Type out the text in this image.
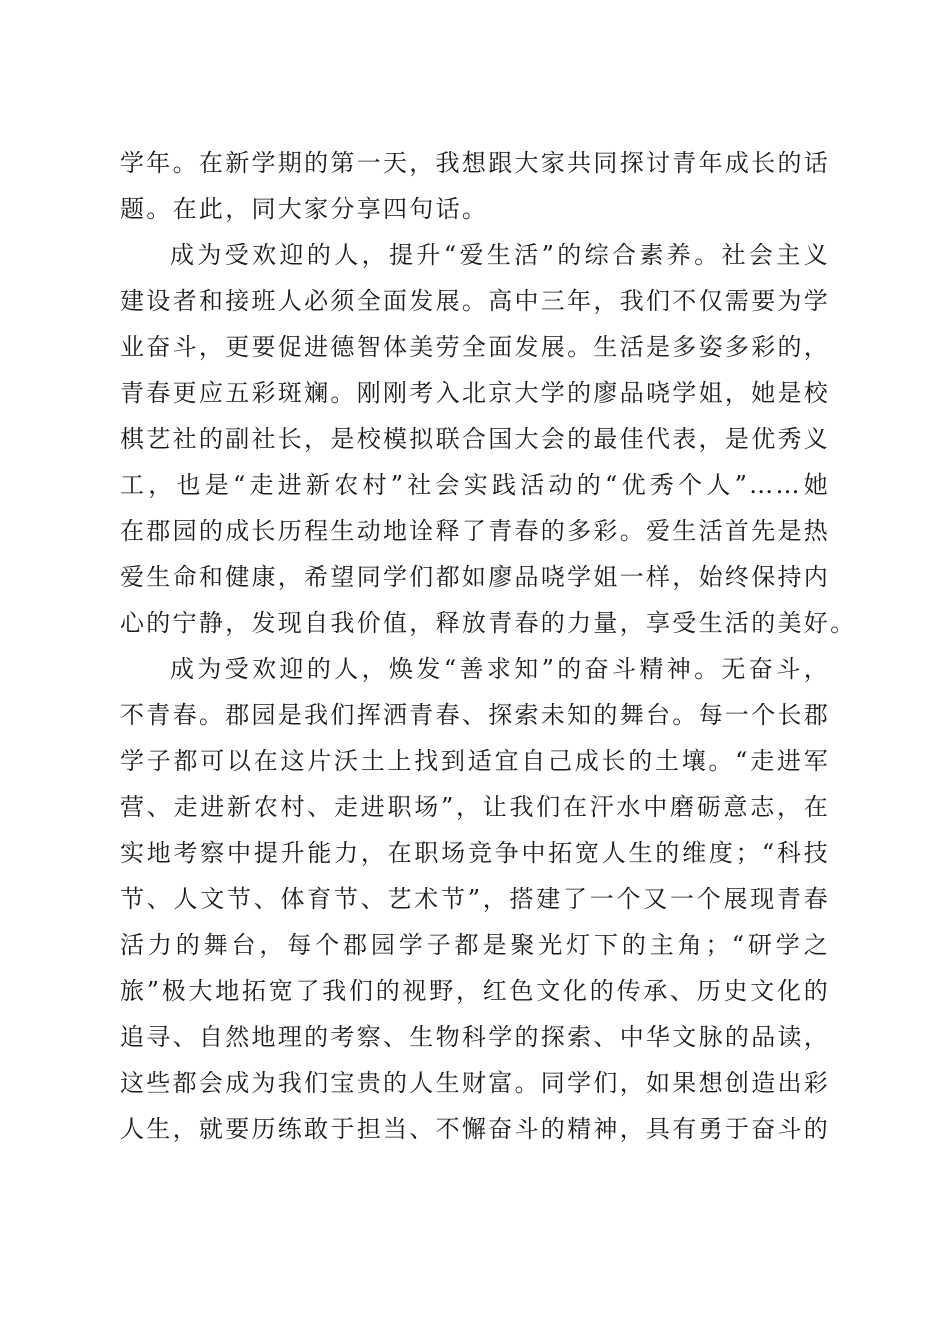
学年。在新学期的第一天，我想跟大家共同探讨青年成长的话
题。在此，同大家分享四句话。
成为受欢迎的人，提升“爱生活”的综合素养。社会主义
建设者和接班人必须全面发展。高中三年，我们不仅需要为学
业奋斗，更要促进德智体美劳全面发展。生活是多姿多彩的，
青春更应五彩斑斓。刚刚考入北京大学的廖品哓学姐，她是校
棋艺社的副社长，是校模拟联合国大会的最佳代表，是优秀义
工，也是“走进新农村”社会实践活动的“优秀个人”……她
在郡园的成长历程生动地诠释了青春的多彩。爱生活首先是热
爱生命和健康，希望同学们都如廖品哓学姐一样，始终保持内
心的宁静，发现自我价值，释放青春的力量，享受生活的美好。
成为受欢迎的人，焕发“善求知”的奋斗精神。无奋斗，
不青春。郡园是我们挥洒青春、探索未知的舞台。每一个长郡
学子都可以在这片沃土上找到适宜自己成长的土壤。“走进军
营、走进新农村、走进职场”，让我们在汗水中磨砺意志，在
实地考察中提升能力，在职场竞争中拓宽人生的维度；“科技
节、人文节、体育节、艺术节”，搭建了一个又一个展现青春
活力的舞台，每个郡园学子都是聚光灯下的主角；“研学之
旅”极大地拓宽了我们的视野，红色文化的传承、历史文化的
追寻、自然地理的考察、生物科学的探索、中华文脉的品读，
这些都会成为我们宝贵的人生财富。同学们，如果想创造出彩
人生，就要历练敢于担当、不懈奋斗的精神，具有勇于奋斗的
